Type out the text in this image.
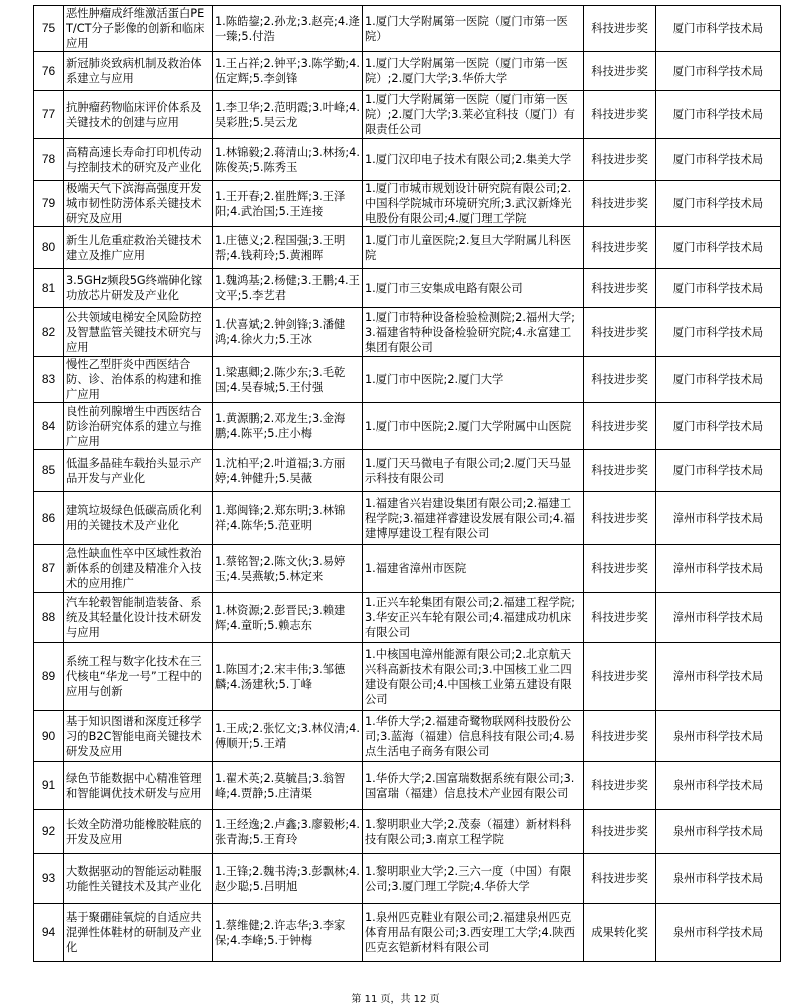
75	恶性肿瘤成纤维激活蛋白PET/CT分子影像的创新和临床应用	1.陈皓鋆;2.孙龙;3.赵亮;4.逄一臻;5.付浩	1.厦门大学附属第一医院（厦门市第一医院）	科技进步奖	厦门市科学技术局
76	新冠肺炎致病机制及救治体系建立与应用	1.王占祥;2.钟平;3.陈学勤;4.伍定辉;5.李剑锋	1.厦门大学附属第一医院（厦门市第一医院）;2.厦门大学;3.华侨大学	科技进步奖	厦门市科学技术局
77	抗肿瘤药物临床评价体系及关键技术的创建与应用	1.李卫华;2.范明霞;3.叶峰;4.吴彩胜;5.吴云龙	1.厦门大学附属第一医院（厦门市第一医院）;2.厦门大学;3.莱必宜科技（厦门）有限责任公司	科技进步奖	厦门市科学技术局
78	高精高速长寿命打印机传动与控制技术的研究及产业化	1.林锦毅;2.蒋清山;3.林扬;4.陈俊英;5.陈秀玉	1.厦门汉印电子技术有限公司;2.集美大学	科技进步奖	厦门市科学技术局
79	极端天气下滨海高强度开发城市韧性防涝体系关键技术研究及应用	1.王开春;2.崔胜辉;3.王泽阳;4.武治国;5.王连接	1.厦门市城市规划设计研究院有限公司;2.中国科学院城市环境研究所;3.武汉新烽光电股份有限公司;4.厦门理工学院	科技进步奖	厦门市科学技术局
80	新生儿危重症救治关键技术建立及推广应用	1.庄德义;2.程国强;3.王明帮;4.钱莉玲;5.黄湘晖	1.厦门市儿童医院;2.复旦大学附属儿科医院	科技进步奖	厦门市科学技术局
81	3.5GHz频段5G终端砷化镓功放芯片研发及产业化	1.魏鸿基;2.杨健;3.王鹏;4.王文平;5.李艺君	1.厦门市三安集成电路有限公司	科技进步奖	厦门市科学技术局
82	公共领域电梯安全风险防控及智慧监管关键技术研究与应用	1.伏喜斌;2.钟剑锋;3.潘健鸿;4.徐火力;5.王冰	1.厦门市特种设备检验检测院;2.福州大学;3.福建省特种设备检验研究院;4.永富建工集团有限公司	科技进步奖	厦门市科学技术局
83	慢性乙型肝炎中西医结合防、诊、治体系的构建和推广应用	1.梁惠卿;2.陈少东;3.毛乾国;4.吴春城;5.王付强	1.厦门市中医院;2.厦门大学	科技进步奖	厦门市科学技术局
84	良性前列腺增生中西医结合防诊治研究体系的建立与推广应用	1.黄源鹏;2.邓龙生;3.金海鹏;4.陈平;5.庄小梅	1.厦门市中医院;2.厦门大学附属中山医院	科技进步奖	厦门市科学技术局
85	低温多晶硅车载抬头显示产品开发与产业化	1.沈柏平;2.叶道福;3.方丽婷;4.钟健升;5.吴薇	1.厦门天马微电子有限公司;2.厦门天马显示科技有限公司	科技进步奖	厦门市科学技术局
86	建筑垃圾绿色低碳高质化利用的关键技术及产业化	1.郑闽锋;2.郑东明;3.林锦祥;4.陈华;5.范亚明	1.福建省兴岩建设集团有限公司;2.福建工程学院;3.福建祥睿建设发展有限公司;4.福建博厚建设工程有限公司	科技进步奖	漳州市科学技术局
87	急性缺血性卒中区域性救治新体系的创建及精准介入技术的应用推广	1.蔡铭智;2.陈文伙;3.易婷玉;4.吴燕敏;5.林定来	1.福建省漳州市医院	科技进步奖	漳州市科学技术局
88	汽车轮毂智能制造装备、系统及其轻量化设计技术研发与应用	1.林资源;2.彭晋民;3.赖建辉;4.童昕;5.赖志东	1.正兴车轮集团有限公司;2.福建工程学院;3.华安正兴车轮有限公司;4.福建成功机床有限公司	科技进步奖	漳州市科学技术局
89	系统工程与数字化技术在三代核电“华龙一号”工程中的应用与创新	1.陈国才;2.宋丰伟;3.邹德麟;4.汤建秋;5.丁峰	1.中核国电漳州能源有限公司;2.北京航天兴科高新技术有限公司;3.中国核工业二四建设有限公司;4.中国核工业第五建设有限公司	科技进步奖	漳州市科学技术局
90	基于知识图谱和深度迁移学习的B2C智能电商关键技术研发及应用	1.王成;2.张忆文;3.林仪清;4.傅顺开;5.王靖	1.华侨大学;2.福建奇鹭物联网科技股份公司;3.蓝海（福建）信息科技有限公司;4.易点生活电子商务有限公司	科技进步奖	泉州市科学技术局
91	绿色节能数据中心精准管理和智能调优技术研发与应用	1.翟术英;2.莫毓昌;3.翁智峰;4.贾静;5.庄清渠	1.华侨大学;2.国富瑞数据系统有限公司;3.国富瑞（福建）信息技术产业园有限公司	科技进步奖	泉州市科学技术局
92	长效全防滑功能橡胶鞋底的开发及应用	1.王经逸;2.卢鑫;3.廖毅彬;4.张青海;5.王育玲	1.黎明职业大学;2.茂泰（福建）新材料科技有限公司;3.南京工程学院	科技进步奖	泉州市科学技术局
93	大数据驱动的智能运动鞋服功能性关键技术及其产业化	1.王锋;2.魏书涛;3.彭飘林;4.赵少聪;5.吕明旭	1.黎明职业大学;2.三六一度（中国）有限公司;3.厦门理工学院;4.华侨大学	科技进步奖	泉州市科学技术局
94	基于聚硼硅氧烷的自适应共混弹性体鞋材的研制及产业化	1.蔡维健;2.许志华;3.李家保;4.李峰;5.于钟梅	1.泉州匹克鞋业有限公司;2.福建泉州匹克体育用品有限公司;3.西安理工大学;4.陕西匹克玄铠新材料有限公司	成果转化奖	泉州市科学技术局
第 11 页，共 12 页
